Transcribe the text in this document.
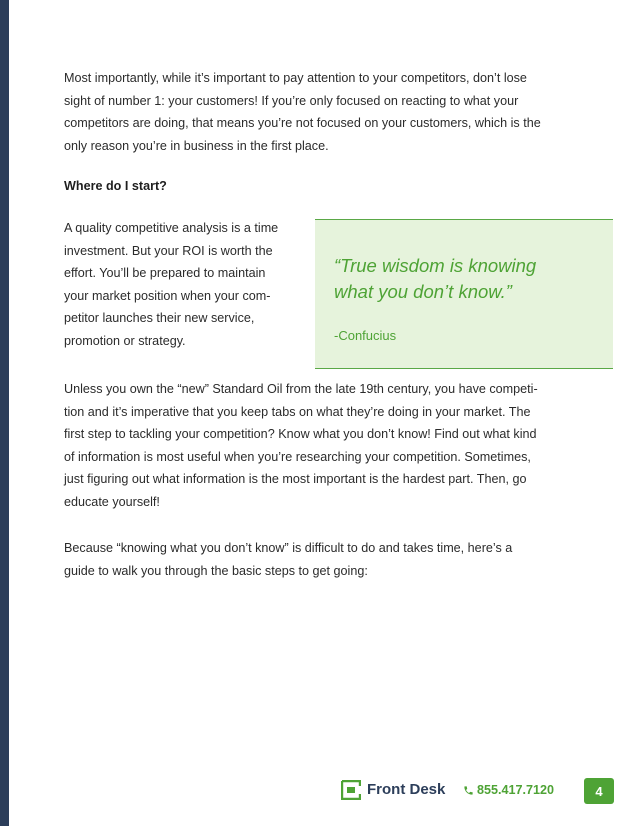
Most importantly, while it’s important to pay attention to your competitors, don’t lose
sight of number 1: your customers! If you’re only focused on reacting to what your
competitors are doing, that means you’re not focused on your customers, which is the
only reason you’re in business in the first place.
Where do I start?
A quality competitive analysis is a time
investment. But your ROI is worth the
effort. You’ll be prepared to maintain
your market position when your com-
petitor launches their new service,
promotion or strategy.

“True wisdom is knowing
what you don’t know.”

-Confucius

Unless you own the “new” Standard Oil from the late 19th century, you have competi-
tion and it’s imperative that you keep tabs on what they’re doing in your market. The
first step to tackling your competition? Know what you don’t know! Find out what kind
of information is most useful when you’re researching your competition. Sometimes,
just figuring out what information is the most important is the hardest part. Then, go
educate yourself!
Because “knowing what you don’t know” is difficult to do and takes time, here’s a
guide to walk you through the basic steps to get going:
Front Desk	855.417.7120	4
